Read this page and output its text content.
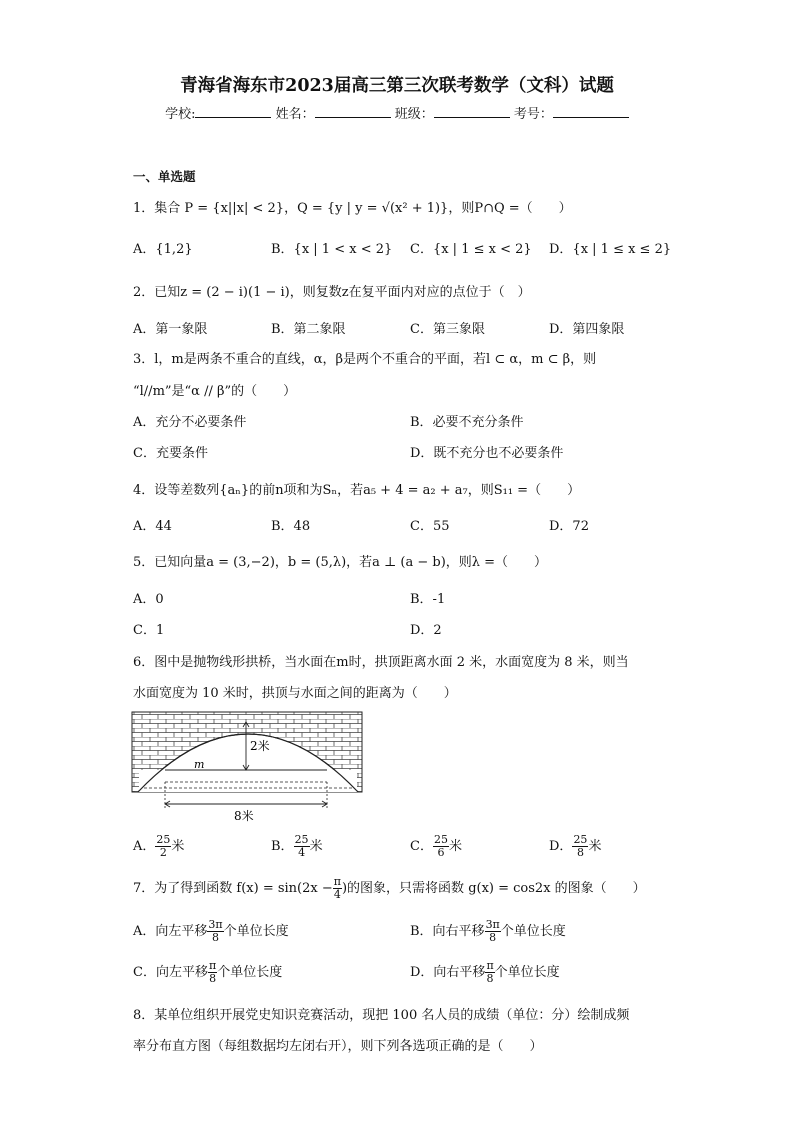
青海省海东市2023届高三第三次联考数学（文科）试题
学校:	姓名：	班级：	考号：
一、单选题
1．集合 P = {x||x| < 2}，Q = {y | y = √(x² + 1)}，则P∩Q =（　　）
A．{1,2}	B．{x | 1 < x < 2} C．{x | 1 ≤ x < 2} D．{x | 1 ≤ x ≤ 2}
2．已知z = (2 − i)(1 − i)，则复数z在复平面内对应的点位于（　）
A．第一象限	B．第二象限	C．第三象限	D．第四象限
3．l，m是两条不重合的直线，α，β是两个不重合的平面，若l ⊂ α，m ⊂ β，则
“l//m”是“α // β”的（　　）
A．充分不必要条件	B．必要不充分条件
C．充要条件	D．既不充分也不必要条件
4．设等差数列{aₙ}的前n项和为Sₙ，若a₅ + 4 = a₂ + a₇，则S₁₁ =（　　）
A．44	B．48	C．55	D．72
5．已知向量a = (3,−2)，b = (5,λ)，若a ⊥ (a − b)，则λ =（　　）
A．0	B．-1
C．1	D．2
6．图中是抛物线形拱桥，当水面在m时，拱顶距离水面 2 米，水面宽度为 8 米，则当
水面宽度为 10 米时，拱顶与水面之间的距离为（　　）
2米
m
8米
A． $\frac{25}{2}$ 米	B． $\frac{25}{4}$ 米	C． $\frac{25}{6}$ 米	D． $\frac{25}{8}$ 米
7．为了得到函数 $f(x) = \sin(2x - \frac{\pi}{4}$ )的图象，只需将函数 g(x) = cos2x 的图象（　　）
A．向左平移 $\frac{3\pi}{8}$ 个单位长度	B．向右平移 $\frac{3\pi}{8}$ 个单位长度
C．向左平移 $\frac{\pi}{8}$ 个单位长度	D．向右平移 $\frac{\pi}{8}$ 个单位长度
8．某单位组织开展党史知识竞赛活动，现把 100 名人员的成绩（单位：分）绘制成频
率分布直方图（每组数据均左闭右开），则下列各选项正确的是（　　）
